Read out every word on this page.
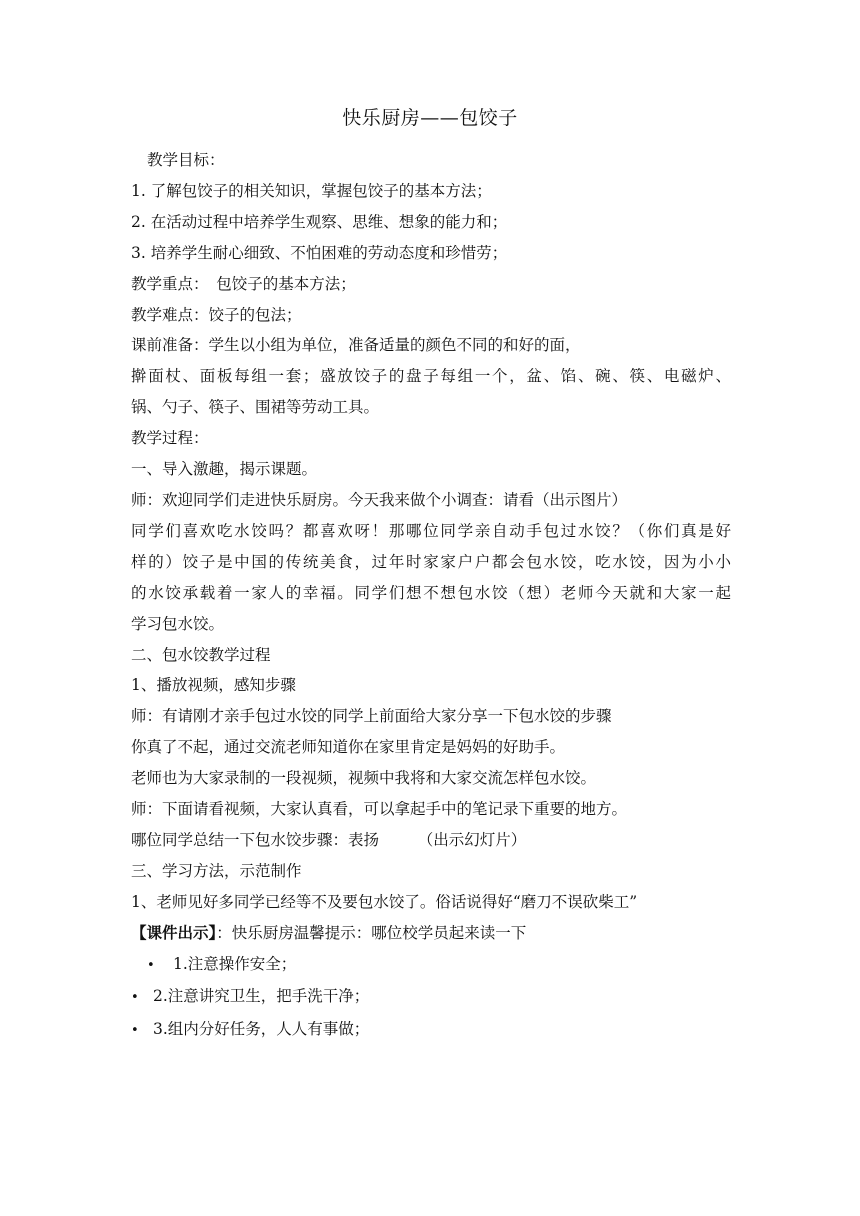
快乐厨房——包饺子
教学目标：
1. 了解包饺子的相关知识，掌握包饺子的基本方法；
2. 在活动过程中培养学生观察、思维、想象的能力和；
3. 培养学生耐心细致、不怕困难的劳动态度和珍惜劳；
教学重点：　包饺子的基本方法；
教学难点：饺子的包法；
课前准备：学生以小组为单位，准备适量的颜色不同的和好的面，
擀面杖、面板每组一套；盛放饺子的盘子每组一个，盆、馅、碗、筷、电磁炉、
锅、勺子、筷子、围裙等劳动工具。
教学过程：
一、导入激趣，揭示课题。
师：欢迎同学们走进快乐厨房。今天我来做个小调查：请看（出示图片）
同学们喜欢吃水饺吗？都喜欢呀！那哪位同学亲自动手包过水饺？（你们真是好
样的）饺子是中国的传统美食，过年时家家户户都会包水饺，吃水饺，因为小小
的水饺承载着一家人的幸福。同学们想不想包水饺（想）老师今天就和大家一起
学习包水饺。
二、包水饺教学过程
1、播放视频，感知步骤
师：有请刚才亲手包过水饺的同学上前面给大家分享一下包水饺的步骤
你真了不起，通过交流老师知道你在家里肯定是妈妈的好助手。
老师也为大家录制的一段视频，视频中我将和大家交流怎样包水饺。
师：下面请看视频，大家认真看，可以拿起手中的笔记录下重要的地方。
哪位同学总结一下包水饺步骤：表扬　　　（出示幻灯片）
三、学习方法，示范制作
1、老师见好多同学已经等不及要包水饺了。俗话说得好“磨刀不误砍柴工”
【课件出示】：快乐厨房温馨提示：哪位校学员起来读一下
•	1.注意操作安全；
• 2.注意讲究卫生，把手洗干净；
• 3.组内分好任务，人人有事做；
